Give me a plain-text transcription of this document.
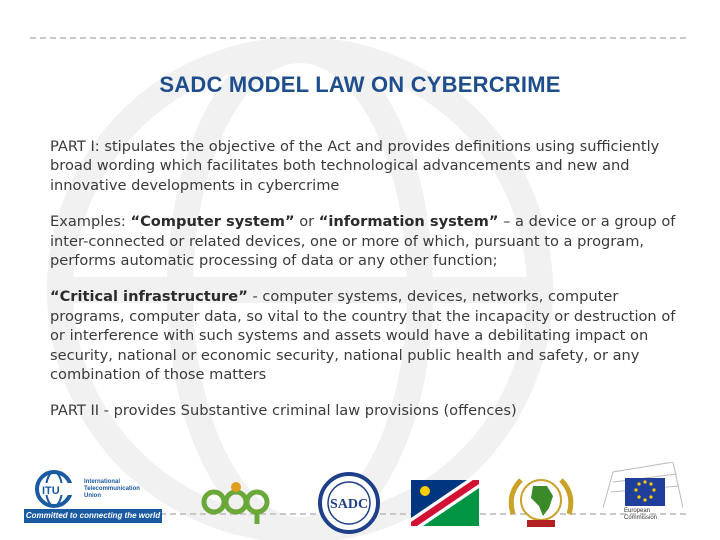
SADC MODEL LAW ON CYBERCRIME

PART I: stipulates the objective of the Act and provides definitions using sufficiently broad wording which facilitates both technological advancements and new and innovative developments in cybercrime

Examples: “Computer system” or “information system” – a device or a group of inter-connected or related devices, one or more of which, pursuant to a program, performs automatic processing of data or any other function;

“Critical infrastructure” - computer systems, devices, networks, computer programs, computer data, so vital to the country that the incapacity or destruction of or interference with such systems and assets would have a debilitating impact on security, national or economic security, national public health and safety, or any combination of those matters

PART II - provides Substantive criminal law provisions (offences)

ITU
International
Telecommunication
Union
Committed to connecting the world
SADC	European
Commission
